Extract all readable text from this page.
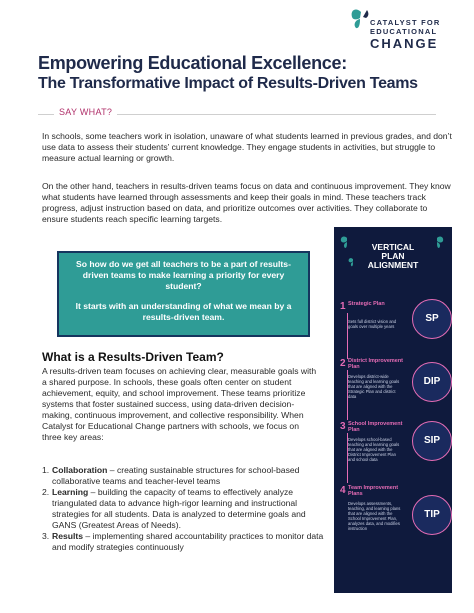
CATALYST FOR
EDUCATIONAL
CHANGE
Empowering Educational Excellence:
The Transformative Impact of Results-Driven Teams
SAY WHAT?

In schools, some teachers work in isolation, unaware of what students learned in previous grades, and don’t use data to assess their students’ current knowledge. They engage students in activities, but struggle to measure actual learning or growth.

On the other hand, teachers in results-driven teams focus on data and continuous improvement. They know what students have learned through assessments and keep their goals in mind. These teachers track progress, adjust instruction based on data, and prioritize outcomes over activities. They collaborate to ensure students reach specific learning targets.

So how do we get all teachers to be a part of results-driven teams to make learning a priority for every student?
It starts with an understanding of what we mean by a results-driven team.
What is a Results-Driven Team?

A results-driven team focuses on achieving clear, measurable goals with a shared purpose. In schools, these goals often center on student achievement, equity, and school improvement. These teams prioritize systems that foster sustained success, using data-driven decision-making, continuous improvement, and collective responsibility. When Catalyst for Educational Change partners with schools, we focus on three key areas:

1. Collaboration – creating sustainable structures for school-based collaborative teams and teacher-level teams
2. Learning – building the capacity of teams to effectively analyze triangulated data to advance high-rigor learning and instructional strategies for all students. Data is analyzed to determine goals and GANS (Greatest Areas of Needs).
3. Results – implementing shared accountability practices to monitor data and modify strategies continuously
VERTICAL
PLAN
ALIGNMENT
1 Strategic Plan
Sets full district vision and goals over multiple years
SP
2 District Improvement Plan
Develops district-wide teaching and learning goals that are aligned with the Strategic Plan and district data
DIP
3 School Improvement Plan
Develops school-based teaching and learning goals that are aligned with the District Improvement Plan and school data
SIP
4 Team Improvement Plans
Develops assessments, teaching, and learning plans that are aligned with the School Improvement Plan, analyzes data, and modifies instruction
TIP
